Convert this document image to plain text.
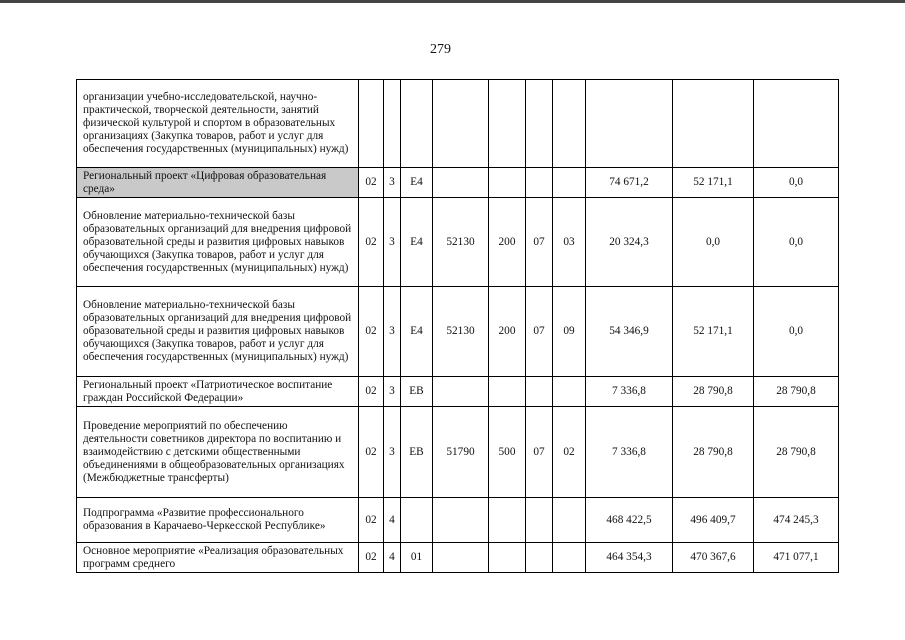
279
организации учебно-исследовательской, научно-практической, творческой деятельности, занятий физической культурой и спортом в образовательных организациях (Закупка товаров, работ и услуг для обеспечения государственных (муниципальных) нужд)										
Региональный проект «Цифровая образовательная среда»	02	3	Е4					74 671,2	52 171,1	0,0
Обновление материально-технической базы образовательных организаций для внедрения цифровой образовательной среды и развития цифровых навыков обучающихся (Закупка товаров, работ и услуг для обеспечения государственных (муниципальных) нужд)	02	3	Е4	52130	200	07	03	20 324,3	0,0	0,0
Обновление материально-технической базы образовательных организаций для внедрения цифровой образовательной среды и развития цифровых навыков обучающихся (Закупка товаров, работ и услуг для обеспечения государственных (муниципальных) нужд)	02	3	Е4	52130	200	07	09	54 346,9	52 171,1	0,0
Региональный проект «Патриотическое воспитание граждан Российской Федерации»	02	3	ЕВ					7 336,8	28 790,8	28 790,8
Проведение мероприятий по обеспечению деятельности советников директора по воспитанию и взаимодействию с детскими общественными объединениями в общеобразовательных организациях (Межбюджетные трансферты)	02	3	ЕВ	51790	500	07	02	7 336,8	28 790,8	28 790,8
Подпрограмма «Развитие профессионального образования в Карачаево-Черкесской Республике»	02	4						468 422,5	496 409,7	474 245,3
Основное мероприятие «Реализация образовательных программ среднего	02	4	01					464 354,3	470 367,6	471 077,1
